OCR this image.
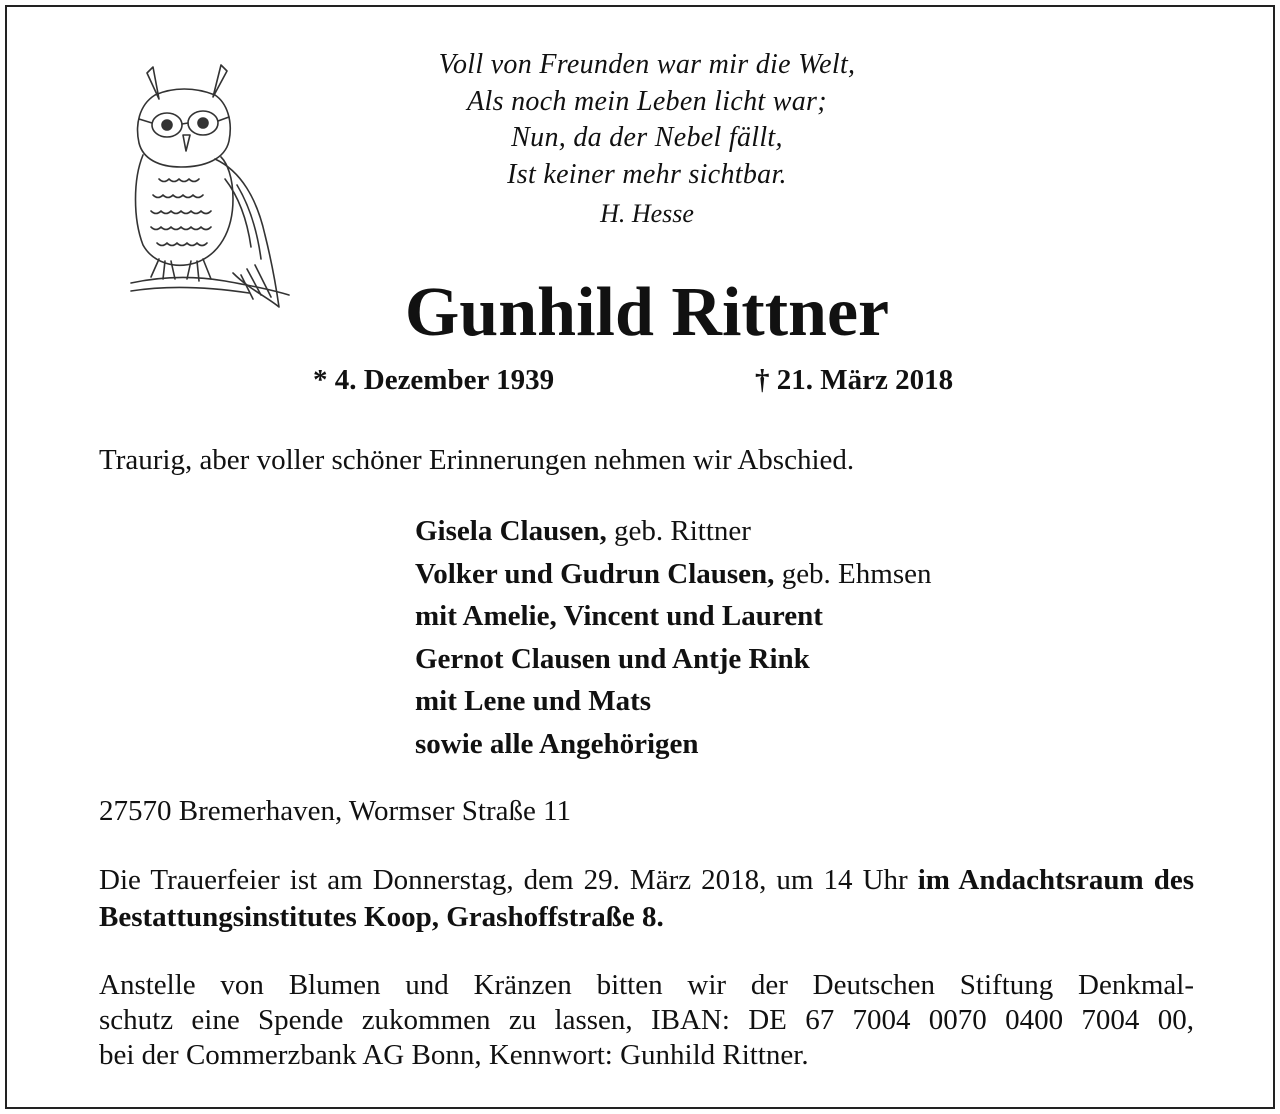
Voll von Freunden war mir die Welt,
Als noch mein Leben licht war;
Nun, da der Nebel fällt,
Ist keiner mehr sichtbar.
H. Hesse
Gunhild Rittner
* 4. Dezember 1939	† 21. März 2018
Traurig, aber voller schöner Erinnerungen nehmen wir Abschied.
Gisela Clausen, geb. Rittner
Volker und Gudrun Clausen, geb. Ehmsen
mit Amelie, Vincent und Laurent
Gernot Clausen und Antje Rink
mit Lene und Mats
sowie alle Angehörigen
27570 Bremerhaven, Wormser Straße 11
Die Trauerfeier ist am Donnerstag, dem 29. März 2018, um 14 Uhr im Andachtsraum des Bestattungsinstitutes Koop, Grashoffstraße 8.
Anstelle von Blumen und Kränzen bitten wir der Deutschen Stiftung Denkmal-
schutz eine Spende zukommen zu lassen, IBAN: DE 67 7004 0070 0400 7004 00,
bei der Commerzbank AG Bonn, Kennwort: Gunhild Rittner.
